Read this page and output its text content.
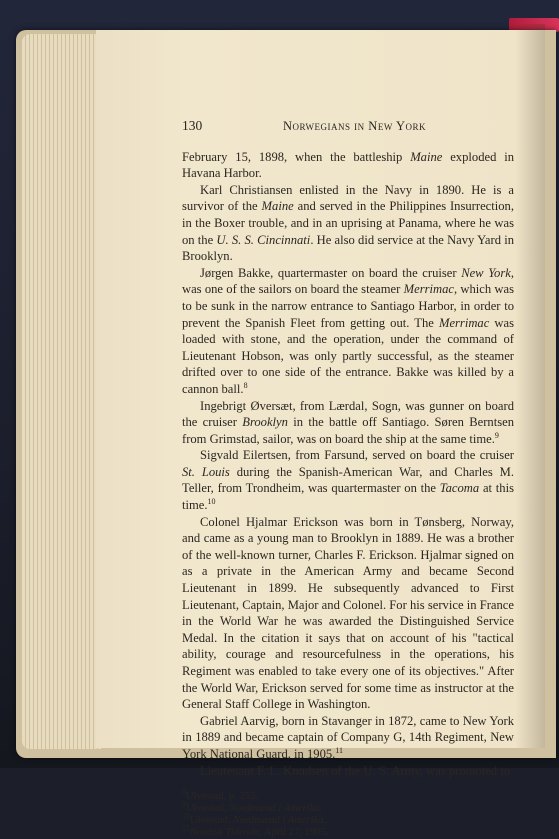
130	Norwegians in New York

February 15, 1898, when the battleship Maine exploded in Havana Harbor.

Karl Christiansen enlisted in the Navy in 1890. He is a survivor of the Maine and served in the Philippines Insurrection, in the Boxer trouble, and in an uprising at Panama, where he was on the U. S. S. Cincinnati. He also did service at the Navy Yard in Brooklyn.

Jørgen Bakke, quartermaster on board the cruiser New York, was one of the sailors on board the steamer Merrimac, which was to be sunk in the narrow entrance to Santiago Harbor, in order to prevent the Spanish Fleet from getting out. The Merrimac was loaded with stone, and the operation, under the command of Lieutenant Hobson, was only partly successful, as the steamer drifted over to one side of the entrance. Bakke was killed by a cannon ball.$^8$

Ingebrigt Øversæt, from Lærdal, Sogn, was gunner on board the cruiser Brooklyn in the battle off Santiago. Søren Berntsen from Grimstad, sailor, was on board the ship at the same time.$^9$

Sigvald Eilertsen, from Farsund, served on board the cruiser St. Louis during the Spanish-American War, and Charles M. Teller, from Trondheim, was quartermaster on the Tacoma at this time.$^{10}$

Colonel Hjalmar Erickson was born in Tønsberg, Norway, and came as a young man to Brooklyn in 1889. He was a brother of the well-known turner, Charles F. Erickson. Hjalmar signed on as a private in the American Army and became Second Lieutenant in 1899. He subsequently advanced to First Lieutenant, Captain, Major and Colonel. For his service in France in the World War he was awarded the Distinguished Service Medal. In the citation it says that on account of his "tactical ability, courage and resourcefulness in the operations, his Regiment was enabled to take every one of its objectives." After the World War, Erickson served for some time as instructor at the General Staff College in Washington.

Gabriel Aarvig, born in Stavanger in 1872, came to New York in 1889 and became captain of Company G, 14th Regiment, New York National Guard, in 1905.11

Lieutenant F. L. Knudsen of the U. S. Army, was promoted to

$^8$Ulvestad, p. 253.
$^9$Ulvestad, Nordmænd i Amerika.
$^{10}$Ulvestad, Nordmænd i Amerika.
$^{11}$Nordisk Tidende, April 27, 1905.
